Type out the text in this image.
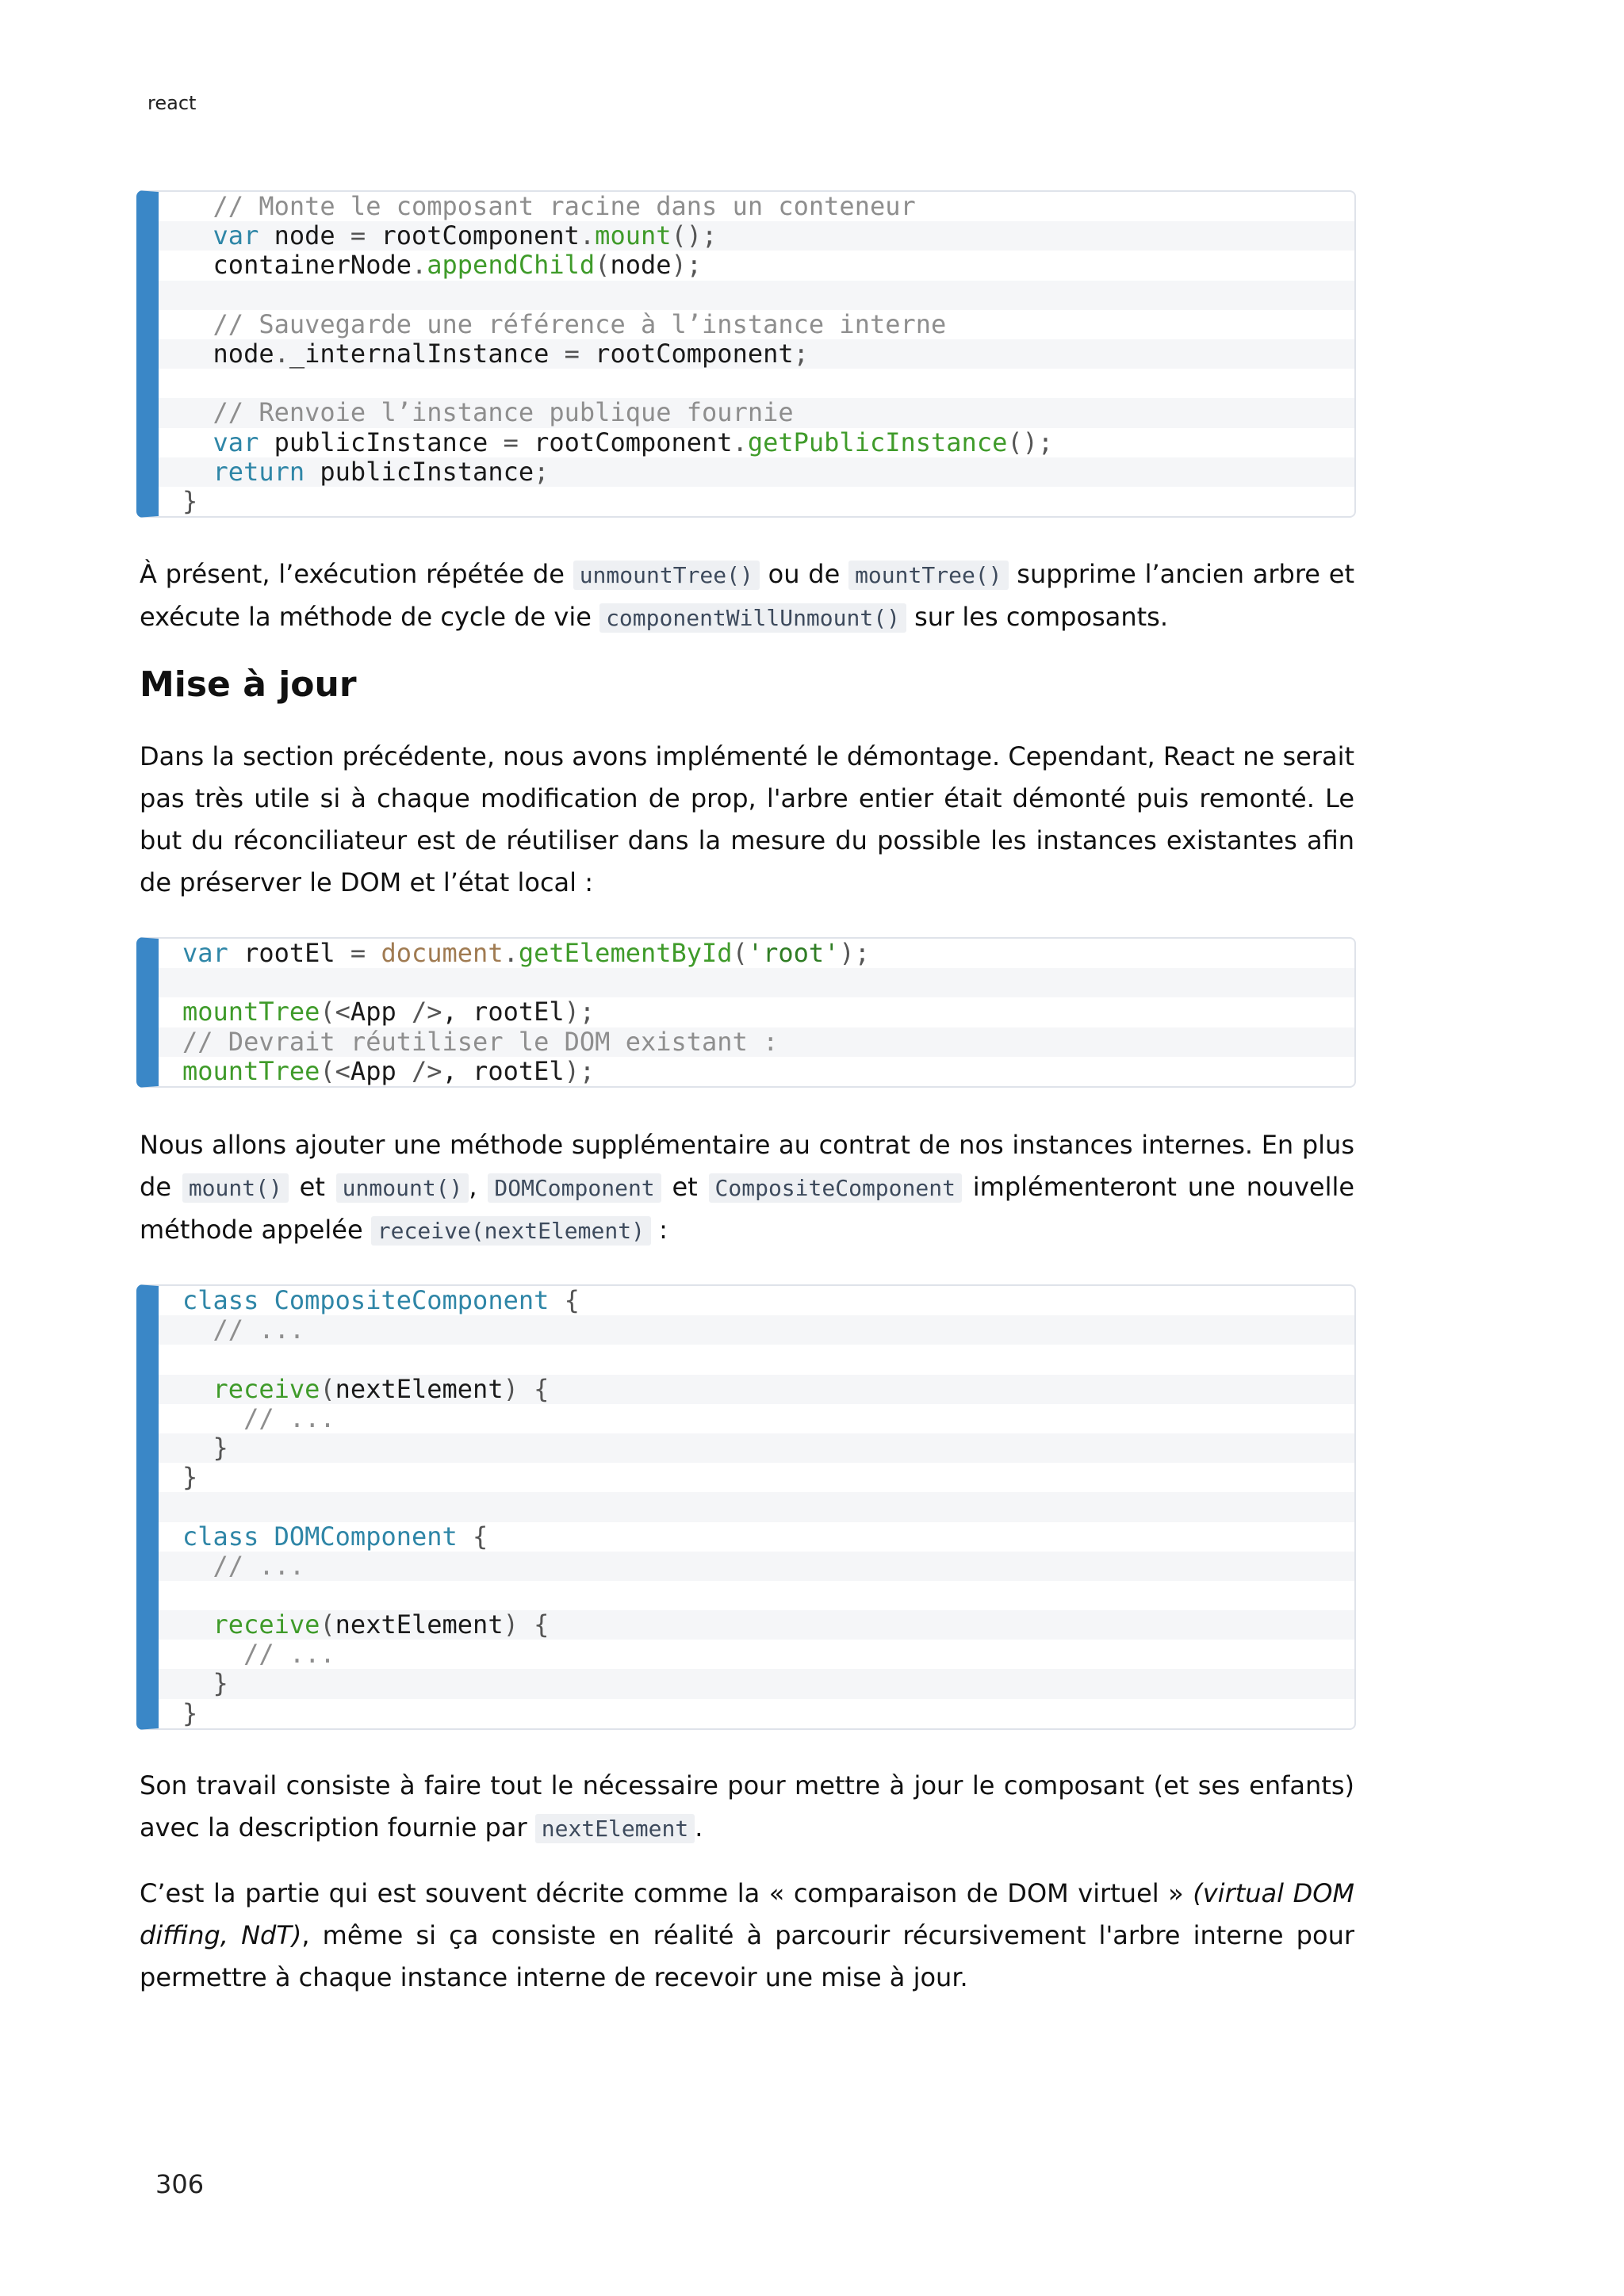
react
// Monte le composant racine dans un conteneur
var node = rootComponent.mount();
containerNode.appendChild(node);

// Sauvegarde une référence à l’instance interne
node._internalInstance = rootComponent;

// Renvoie l’instance publique fournie
var publicInstance = rootComponent.getPublicInstance();
return publicInstance;
}

À présent, l’exécution répétée de unmountTree() ou de mountTree() supprime l’ancien arbre et exécute la méthode de cycle de vie componentWillUnmount() sur les composants.

Mise à jour

Dans la section précédente, nous avons implémenté le démontage. Cependant, React ne serait pas très utile si à chaque modification de prop, l'arbre entier était démonté puis remonté. Le but du réconciliateur est de réutiliser dans la mesure du possible les instances existantes afin de préserver le DOM et l’état local :

var rootEl = document.getElementById('root');

mountTree(<App />, rootEl);
// Devrait réutiliser le DOM existant :
mountTree(<App />, rootEl);

Nous allons ajouter une méthode supplémentaire au contrat de nos instances internes. En plus de mount() et unmount() , DOMComponent et CompositeComponent implémenteront une nouvelle méthode appelée receive(nextElement) :

class CompositeComponent {
// ...

receive(nextElement) {
// ...
}
}

class DOMComponent {
// ...

receive(nextElement) {
// ...
}
}

Son travail consiste à faire tout le nécessaire pour mettre à jour le composant (et ses enfants) avec la description fournie par nextElement .

C’est la partie qui est souvent décrite comme la « comparaison de DOM virtuel » (virtual DOM diffing, NdT), même si ça consiste en réalité à parcourir récursivement l'arbre interne pour permettre à chaque instance interne de recevoir une mise à jour.

306
